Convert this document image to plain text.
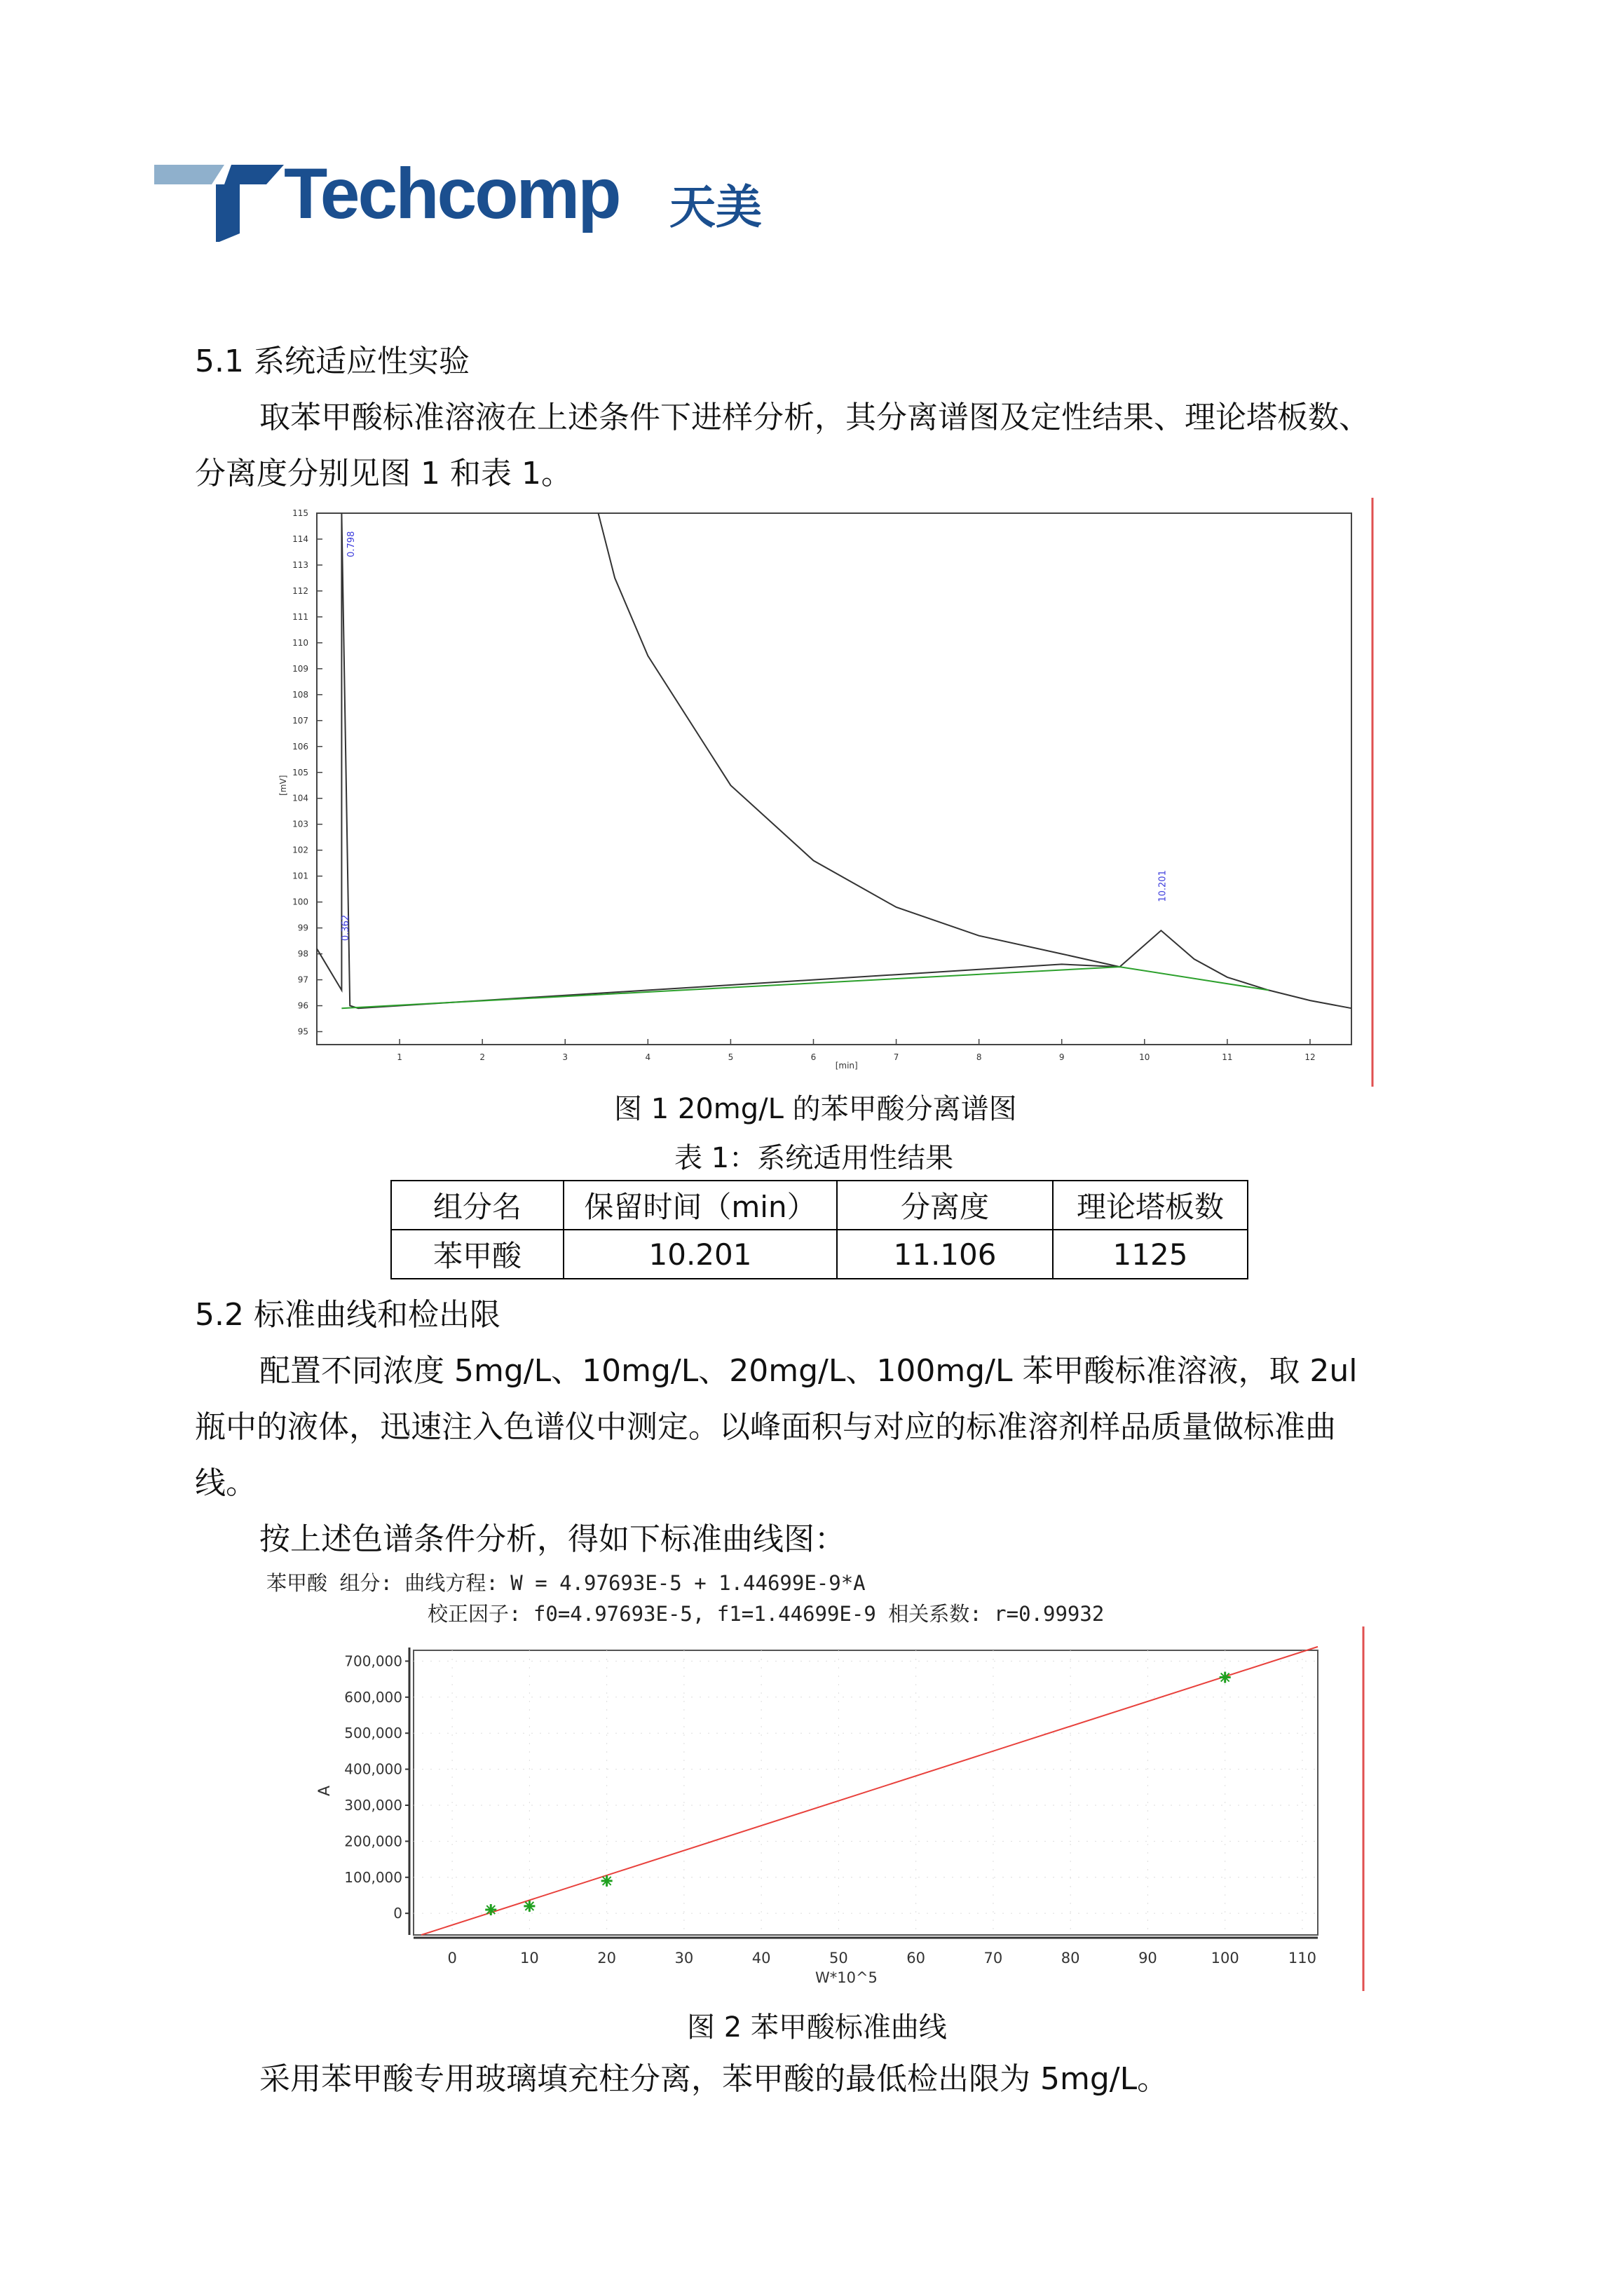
Techcomp 天美
5.1 系统适应性实验
取苯甲酸标准溶液在上述条件下进样分析，其分离谱图及定性结果、理论塔板数、
分离度分别见图 1 和表 1。
95
96
97
98
99
100
101
102
103
104
105
106
107
108
109
110
111
112
113
114
115
1	2	3	4	5	6	7	8	9	10	11	12
[min]
[mV]
0.798
0.362
10.201
图 1 20mg/L 的苯甲酸分离谱图
表 1：系统适用性结果
组分名	保留时间（min）	分离度	理论塔板数
苯甲酸	10.201	11.106	1125
5.2 标准曲线和检出限
配置不同浓度 5mg/L、10mg/L、20mg/L、100mg/L 苯甲酸标准溶液，取 2ul
瓶中的液体，迅速注入色谱仪中测定。以峰面积与对应的标准溶剂样品质量做标准曲
线。
按上述色谱条件分析，得如下标准曲线图：
苯甲酸 组分: 曲线方程: W = 4.97693E-5 + 1.44699E-9*A
校正因子: f0=4.97693E-5, f1=1.44699E-9 相关系数: r=0.99932
0
100,000
200,000
300,000
400,000
500,000
600,000
700,000
0	10	20	30	40	50	60	70	80	90	100	110
W*10^5
A
图 2 苯甲酸标准曲线
采用苯甲酸专用玻璃填充柱分离，苯甲酸的最低检出限为 5mg/L。
